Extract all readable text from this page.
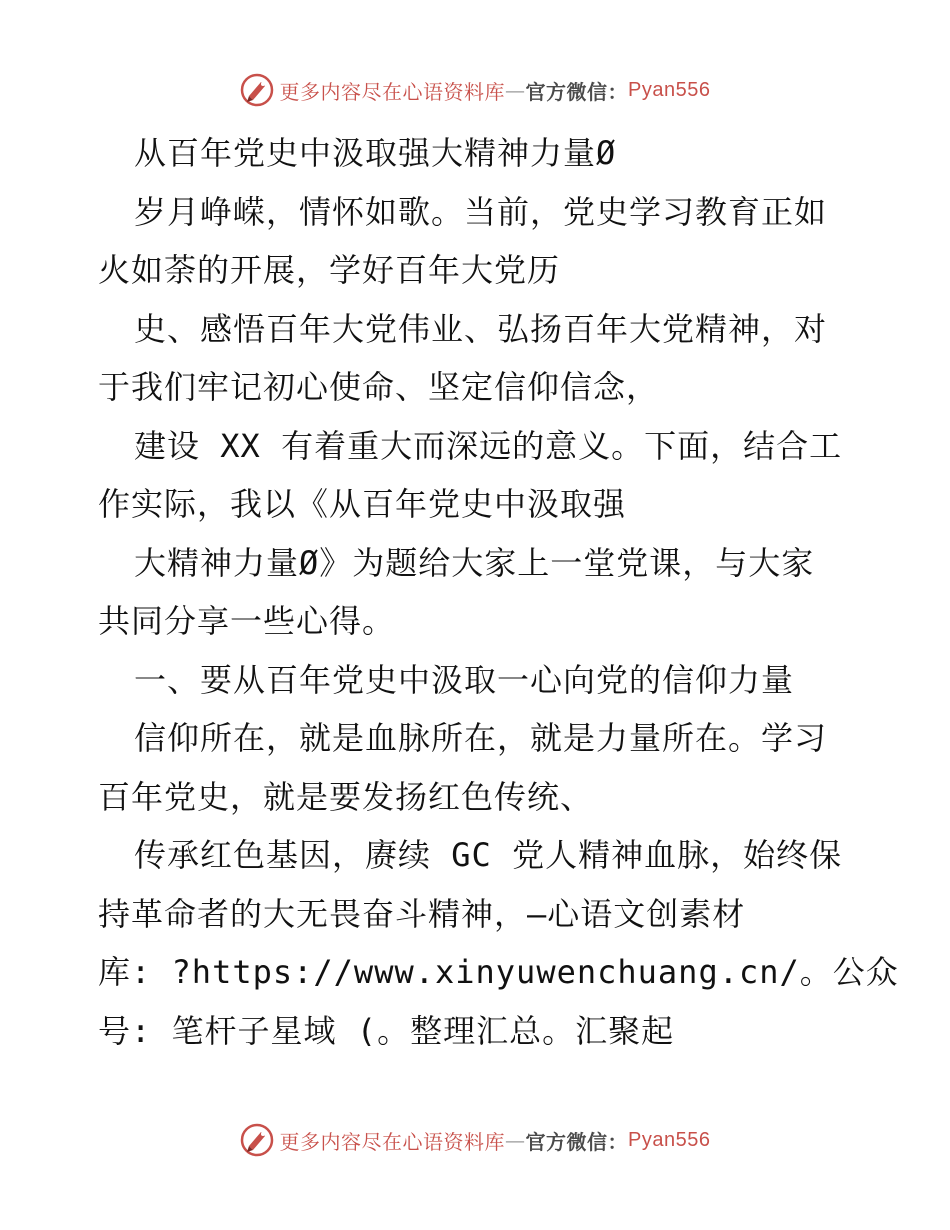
更多内容尽在心语资料库 — 官方微信： Pyan556
从百年党史中汲取强大精神力量Ø
岁月峥嵘，情怀如歌。当前，党史学习教育正如
火如荼的开展，学好百年大党历
史、感悟百年大党伟业、弘扬百年大党精神，对
于我们牢记初心使命、坚定信仰信念，
建设 XX 有着重大而深远的意义。下面，结合工
作实际，我以《从百年党史中汲取强
大精神力量Ø》为题给大家上一堂党课，与大家
共同分享一些心得。
一、要从百年党史中汲取一心向党的信仰力量
信仰所在，就是血脉所在，就是力量所在。学习
百年党史，就是要发扬红色传统、
传承红色基因，赓续 GC 党人精神血脉，始终保
持革命者的大无畏奋斗精神，—心语文创素材
库: ?https://www.xinyuwenchuang.cn/。公众
号: 笔杆子星域 (。整理汇总。汇聚起
更多内容尽在心语资料库 — 官方微信： Pyan556
